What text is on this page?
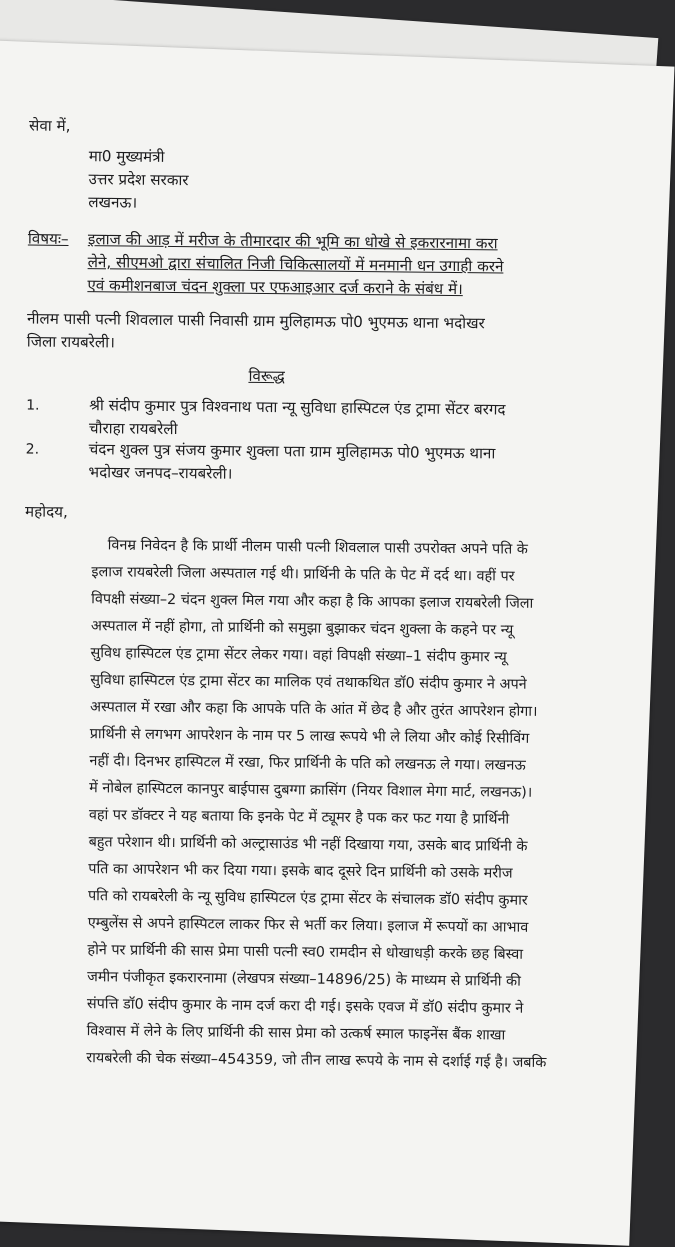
सेवा में,
मा0 मुख्यमंत्री
उत्तर प्रदेश सरकार
लखनऊ।
विषयः– इलाज की आड़ में मरीज के तीमारदार की भूमि का धोखे से इकरारनामा करा
लेने, सीएमओ द्वारा संचालित निजी चिकित्सालयों में मनमानी धन उगाही करने
एवं कमीशनबाज चंदन शुक्ला पर एफआइआर दर्ज कराने के संबंध में।
नीलम पासी पत्नी शिवलाल पासी निवासी ग्राम मुलिहामऊ पो0 भुएमऊ थाना भदोखर
जिला रायबरेली।
विरूद्ध
1.	श्री संदीप कुमार पुत्र विश्वनाथ पता न्यू सुविधा हास्पिटल एंड ट्रामा सेंटर बरगद
चौराहा रायबरेली
2.	चंदन शुक्ल पुत्र संजय कुमार शुक्ला पता ग्राम मुलिहामऊ पो0 भुएमऊ थाना
भदोखर जनपद–रायबरेली।
महोदय,
विनम्र निवेदन है कि प्रार्थी नीलम पासी पत्नी शिवलाल पासी उपरोक्त अपने पति के
इलाज रायबरेली जिला अस्पताल गई थी। प्रार्थिनी के पति के पेट में दर्द था। वहीं पर
विपक्षी संख्या–2 चंदन शुक्ल मिल गया और कहा है कि आपका इलाज रायबरेली जिला
अस्पताल में नहीं होगा, तो प्रार्थिनी को समुझा बुझाकर चंदन शुक्ला के कहने पर न्यू
सुविध हास्पिटल एंड ट्रामा सेंटर लेकर गया। वहां विपक्षी संख्या–1 संदीप कुमार न्यू
सुविधा हास्पिटल एंड ट्रामा सेंटर का मालिक एवं तथाकथित डॉ0 संदीप कुमार ने अपने
अस्पताल में रखा और कहा कि आपके पति के आंत में छेद है और तुरंत आपरेशन होगा।
प्रार्थिनी से लगभग आपरेशन के नाम पर 5 लाख रूपये भी ले लिया और कोई रिसीविंग
नहीं दी। दिनभर हास्पिटल में रखा, फिर प्रार्थिनी के पति को लखनऊ ले गया। लखनऊ
में नोबेल हास्पिटल कानपुर बाईपास दुबग्गा क्रासिंग (नियर विशाल मेगा मार्ट, लखनऊ)।
वहां पर डॉक्टर ने यह बताया कि इनके पेट में ट्यूमर है पक कर फट गया है प्रार्थिनी
बहुत परेशान थी। प्रार्थिनी को अल्ट्रासाउंड भी नहीं दिखाया गया, उसके बाद प्रार्थिनी के
पति का आपरेशन भी कर दिया गया। इसके बाद दूसरे दिन प्रार्थिनी को उसके मरीज
पति को रायबरेली के न्यू सुविध हास्पिटल एंड ट्रामा सेंटर के संचालक डॉ0 संदीप कुमार
एम्बुलेंस से अपने हास्पिटल लाकर फिर से भर्ती कर लिया। इलाज में रूपयों का आभाव
होने पर प्रार्थिनी की सास प्रेमा पासी पत्नी स्व0 रामदीन से धोखाधड़ी करके छह बिस्वा
जमीन पंजीकृत इकरारनामा (लेखपत्र संख्या–14896/25) के माध्यम से प्रार्थिनी की
संपत्ति डॉ0 संदीप कुमार के नाम दर्ज करा दी गई। इसके एवज में डॉ0 संदीप कुमार ने
विश्वास में लेने के लिए प्रार्थिनी की सास प्रेमा को उत्कर्ष स्माल फाइनेंस बैंक शाखा
रायबरेली की चेक संख्या–454359, जो तीन लाख रूपये के नाम से दर्शाई गई है। जबकि
